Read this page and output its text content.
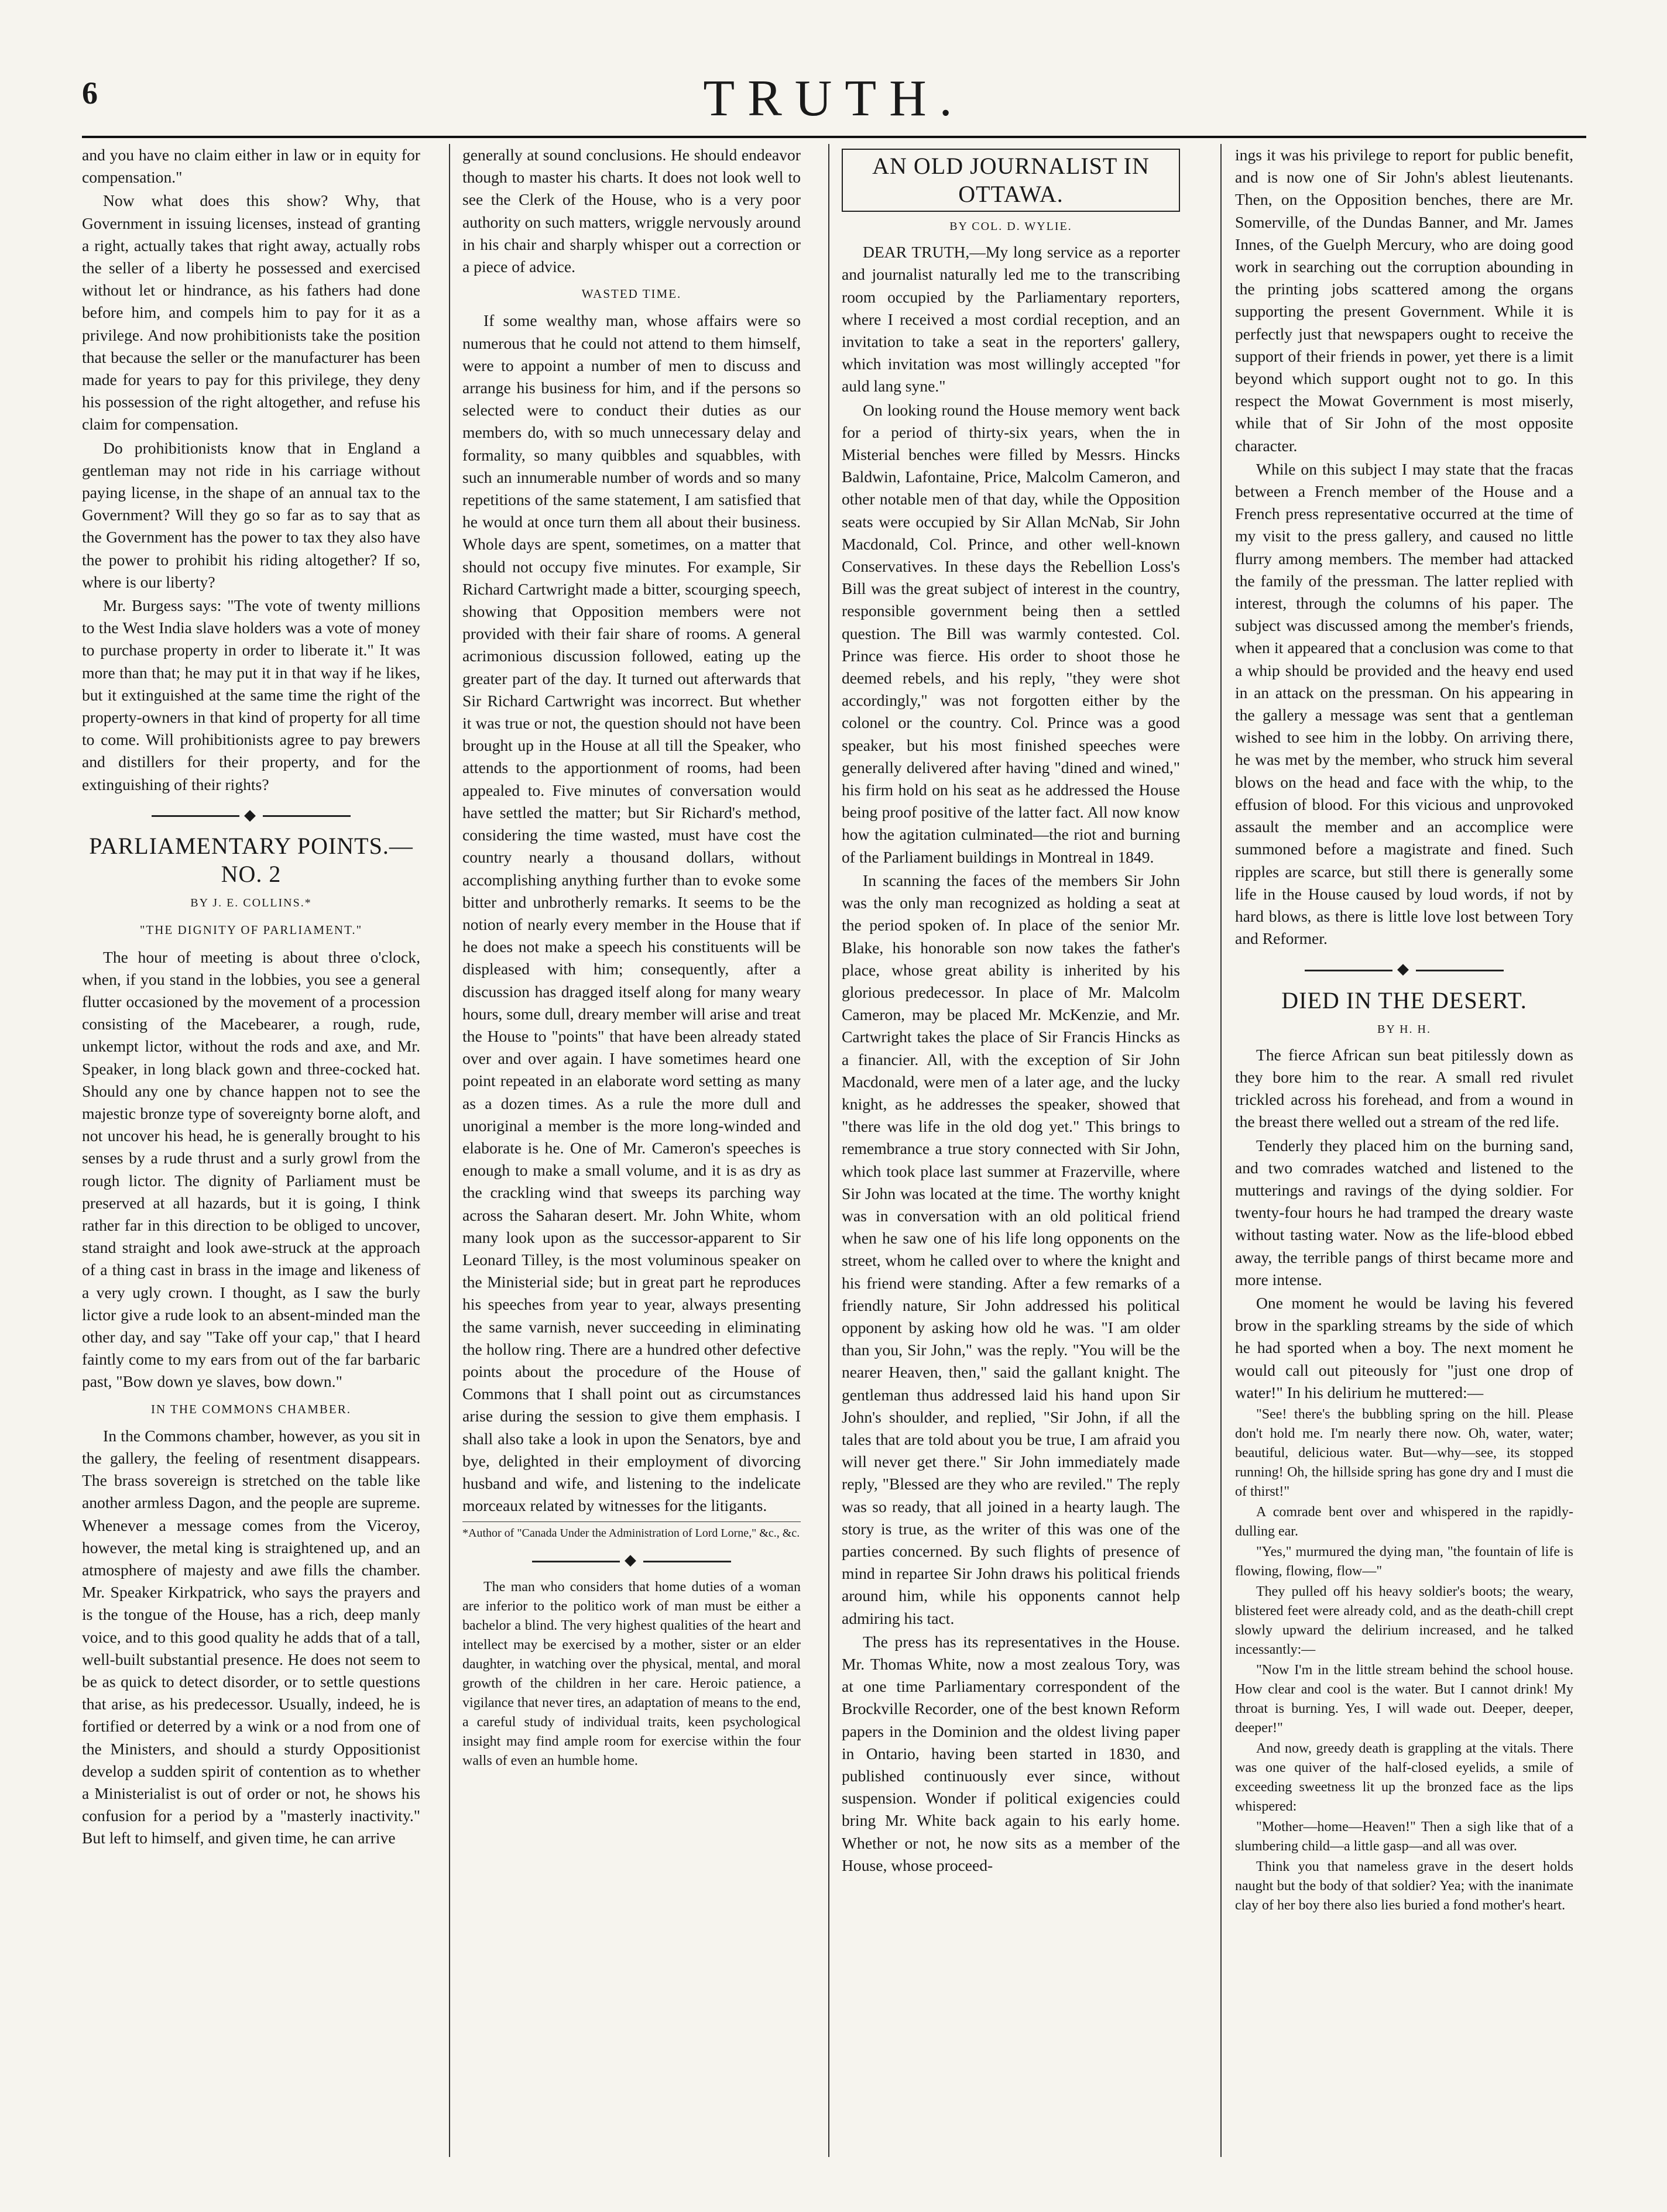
6	TRUTH.

and you have no claim either in law or in equity for compensation."

Now what does this show? Why, that Government in issuing licenses, instead of granting a right, actually takes that right away, actually robs the seller of a liberty he possessed and exercised without let or hindrance, as his fathers had done before him, and compels him to pay for it as a privilege. And now prohibitionists take the position that because the seller or the manufacturer has been made for years to pay for this privilege, they deny his possession of the right altogether, and refuse his claim for compensation.

Do prohibitionists know that in England a gentleman may not ride in his carriage without paying license, in the shape of an annual tax to the Government? Will they go so far as to say that as the Government has the power to tax they also have the power to prohibit his riding altogether? If so, where is our liberty?

Mr. Burgess says: "The vote of twenty millions to the West India slave holders was a vote of money to purchase property in order to liberate it." It was more than that; he may put it in that way if he likes, but it extinguished at the same time the right of the property-owners in that kind of property for all time to come. Will prohibitionists agree to pay brewers and distillers for their property, and for the extinguishing of their rights?

◆
PARLIAMENTARY POINTS.—NO. 2
BY J. E. COLLINS.*
"THE DIGNITY OF PARLIAMENT."

The hour of meeting is about three o'clock, when, if you stand in the lobbies, you see a general flutter occasioned by the movement of a procession consisting of the Macebearer, a rough, rude, unkempt lictor, without the rods and axe, and Mr. Speaker, in long black gown and three-cocked hat. Should any one by chance happen not to see the majestic bronze type of sovereignty borne aloft, and not uncover his head, he is generally brought to his senses by a rude thrust and a surly growl from the rough lictor. The dignity of Parliament must be preserved at all hazards, but it is going, I think rather far in this direction to be obliged to uncover, stand straight and look awe-struck at the approach of a thing cast in brass in the image and likeness of a very ugly crown. I thought, as I saw the burly lictor give a rude look to an absent-minded man the other day, and say "Take off your cap," that I heard faintly come to my ears from out of the far barbaric past, "Bow down ye slaves, bow down."

IN THE COMMONS CHAMBER.

In the Commons chamber, however, as you sit in the gallery, the feeling of resentment disappears. The brass sovereign is stretched on the table like another armless Dagon, and the people are supreme. Whenever a message comes from the Viceroy, however, the metal king is straightened up, and an atmosphere of majesty and awe fills the chamber. Mr. Speaker Kirkpatrick, who says the prayers and is the tongue of the House, has a rich, deep manly voice, and to this good quality he adds that of a tall, well-built substantial presence. He does not seem to be as quick to detect disorder, or to settle questions that arise, as his predecessor. Usually, indeed, he is fortified or deterred by a wink or a nod from one of the Ministers, and should a sturdy Oppositionist develop a sudden spirit of contention as to whether a Ministerialist is out of order or not, he shows his confusion for a period by a "masterly inactivity." But left to himself, and given time, he can arrive

generally at sound conclusions. He should endeavor though to master his charts. It does not look well to see the Clerk of the House, who is a very poor authority on such matters, wriggle nervously around in his chair and sharply whisper out a correction or a piece of advice.

WASTED TIME.

If some wealthy man, whose affairs were so numerous that he could not attend to them himself, were to appoint a number of men to discuss and arrange his business for him, and if the persons so selected were to conduct their duties as our members do, with so much unnecessary delay and formality, so many quibbles and squabbles, with such an innumerable number of words and so many repetitions of the same statement, I am satisfied that he would at once turn them all about their business. Whole days are spent, sometimes, on a matter that should not occupy five minutes. For example, Sir Richard Cartwright made a bitter, scourging speech, showing that Opposition members were not provided with their fair share of rooms. A general acrimonious discussion followed, eating up the greater part of the day. It turned out afterwards that Sir Richard Cartwright was incorrect. But whether it was true or not, the question should not have been brought up in the House at all till the Speaker, who attends to the apportionment of rooms, had been appealed to. Five minutes of conversation would have settled the matter; but Sir Richard's method, considering the time wasted, must have cost the country nearly a thousand dollars, without accomplishing anything further than to evoke some bitter and unbrotherly remarks. It seems to be the notion of nearly every member in the House that if he does not make a speech his constituents will be displeased with him; consequently, after a discussion has dragged itself along for many weary hours, some dull, dreary member will arise and treat the House to "points" that have been already stated over and over again. I have sometimes heard one point repeated in an elaborate word setting as many as a dozen times. As a rule the more dull and unoriginal a member is the more long-winded and elaborate is he. One of Mr. Cameron's speeches is enough to make a small volume, and it is as dry as the crackling wind that sweeps its parching way across the Saharan desert. Mr. John White, whom many look upon as the successor-apparent to Sir Leonard Tilley, is the most voluminous speaker on the Ministerial side; but in great part he reproduces his speeches from year to year, always presenting the same varnish, never succeeding in eliminating the hollow ring. There are a hundred other defective points about the procedure of the House of Commons that I shall point out as circumstances arise during the session to give them emphasis. I shall also take a look in upon the Senators, bye and bye, delighted in their employment of divorcing husband and wife, and listening to the indelicate morceaux related by witnesses for the litigants.

*Author of "Canada Under the Administration of Lord Lorne," &c., &c.
◆

The man who considers that home duties of a woman are inferior to the politico work of man must be either a bachelor a blind. The very highest qualities of the heart and intellect may be exercised by a mother, sister or an elder daughter, in watching over the physical, mental, and moral growth of the children in her care. Heroic patience, a vigilance that never tires, an adaptation of means to the end, a careful study of individual traits, keen psychological insight may find ample room for exercise within the four walls of even an humble home.

AN OLD JOURNALIST IN OTTAWA.
BY COL. D. WYLIE.

DEAR TRUTH,—My long service as a reporter and journalist naturally led me to the transcribing room occupied by the Parliamentary reporters, where I received a most cordial reception, and an invitation to take a seat in the reporters' gallery, which invitation was most willingly accepted "for auld lang syne."

On looking round the House memory went back for a period of thirty-six years, when the in Misterial benches were filled by Messrs. Hincks Baldwin, Lafontaine, Price, Malcolm Cameron, and other notable men of that day, while the Opposition seats were occupied by Sir Allan McNab, Sir John Macdonald, Col. Prince, and other well-known Conservatives. In these days the Rebellion Loss's Bill was the great subject of interest in the country, responsible government being then a settled question. The Bill was warmly contested. Col. Prince was fierce. His order to shoot those he deemed rebels, and his reply, "they were shot accordingly," was not forgotten either by the colonel or the country. Col. Prince was a good speaker, but his most finished speeches were generally delivered after having "dined and wined," his firm hold on his seat as he addressed the House being proof positive of the latter fact. All now know how the agitation culminated—the riot and burning of the Parliament buildings in Montreal in 1849.

In scanning the faces of the members Sir John was the only man recognized as holding a seat at the period spoken of. In place of the senior Mr. Blake, his honorable son now takes the father's place, whose great ability is inherited by his glorious predecessor. In place of Mr. Malcolm Cameron, may be placed Mr. McKenzie, and Mr. Cartwright takes the place of Sir Francis Hincks as a financier. All, with the exception of Sir John Macdonald, were men of a later age, and the lucky knight, as he addresses the speaker, showed that "there was life in the old dog yet." This brings to remembrance a true story connected with Sir John, which took place last summer at Frazerville, where Sir John was located at the time. The worthy knight was in conversation with an old political friend when he saw one of his life long opponents on the street, whom he called over to where the knight and his friend were standing. After a few remarks of a friendly nature, Sir John addressed his political opponent by asking how old he was. "I am older than you, Sir John," was the reply. "You will be the nearer Heaven, then," said the gallant knight. The gentleman thus addressed laid his hand upon Sir John's shoulder, and replied, "Sir John, if all the tales that are told about you be true, I am afraid you will never get there." Sir John immediately made reply, "Blessed are they who are reviled." The reply was so ready, that all joined in a hearty laugh. The story is true, as the writer of this was one of the parties concerned. By such flights of presence of mind in repartee Sir John draws his political friends around him, while his opponents cannot help admiring his tact.

The press has its representatives in the House. Mr. Thomas White, now a most zealous Tory, was at one time Parliamentary correspondent of the Brockville Recorder, one of the best known Reform papers in the Dominion and the oldest living paper in Ontario, having been started in 1830, and published continuously ever since, without suspension. Wonder if political exigencies could bring Mr. White back again to his early home. Whether or not, he now sits as a member of the House, whose proceed-

ings it was his privilege to report for public benefit, and is now one of Sir John's ablest lieutenants. Then, on the Opposition benches, there are Mr. Somerville, of the Dundas Banner, and Mr. James Innes, of the Guelph Mercury, who are doing good work in searching out the corruption abounding in the printing jobs scattered among the organs supporting the present Government. While it is perfectly just that newspapers ought to receive the support of their friends in power, yet there is a limit beyond which support ought not to go. In this respect the Mowat Government is most miserly, while that of Sir John of the most opposite character.

While on this subject I may state that the fracas between a French member of the House and a French press representative occurred at the time of my visit to the press gallery, and caused no little flurry among members. The member had attacked the family of the pressman. The latter replied with interest, through the columns of his paper. The subject was discussed among the member's friends, when it appeared that a conclusion was come to that a whip should be provided and the heavy end used in an attack on the pressman. On his appearing in the gallery a message was sent that a gentleman wished to see him in the lobby. On arriving there, he was met by the member, who struck him several blows on the head and face with the whip, to the effusion of blood. For this vicious and unprovoked assault the member and an accomplice were summoned before a magistrate and fined. Such ripples are scarce, but still there is generally some life in the House caused by loud words, if not by hard blows, as there is little love lost between Tory and Reformer.

◆
DIED IN THE DESERT.
BY H. H.

The fierce African sun beat pitilessly down as they bore him to the rear. A small red rivulet trickled across his forehead, and from a wound in the breast there welled out a stream of the red life.

Tenderly they placed him on the burning sand, and two comrades watched and listened to the mutterings and ravings of the dying soldier. For twenty-four hours he had tramped the dreary waste without tasting water. Now as the life-blood ebbed away, the terrible pangs of thirst became more and more intense.

One moment he would be laving his fevered brow in the sparkling streams by the side of which he had sported when a boy. The next moment he would call out piteously for "just one drop of water!" In his delirium he muttered:—

"See! there's the bubbling spring on the hill. Please don't hold me. I'm nearly there now. Oh, water, water; beautiful, delicious water. But—why—see, its stopped running! Oh, the hillside spring has gone dry and I must die of thirst!"

A comrade bent over and whispered in the rapidly-dulling ear.

"Yes," murmured the dying man, "the fountain of life is flowing, flowing, flow—"

They pulled off his heavy soldier's boots; the weary, blistered feet were already cold, and as the death-chill crept slowly upward the delirium increased, and he talked incessantly:—

"Now I'm in the little stream behind the school house. How clear and cool is the water. But I cannot drink! My throat is burning. Yes, I will wade out. Deeper, deeper, deeper!"

And now, greedy death is grappling at the vitals. There was one quiver of the half-closed eyelids, a smile of exceeding sweetness lit up the bronzed face as the lips whispered:

"Mother—home—Heaven!" Then a sigh like that of a slumbering child—a little gasp—and all was over.

Think you that nameless grave in the desert holds naught but the body of that soldier? Yea; with the inanimate clay of her boy there also lies buried a fond mother's heart.
